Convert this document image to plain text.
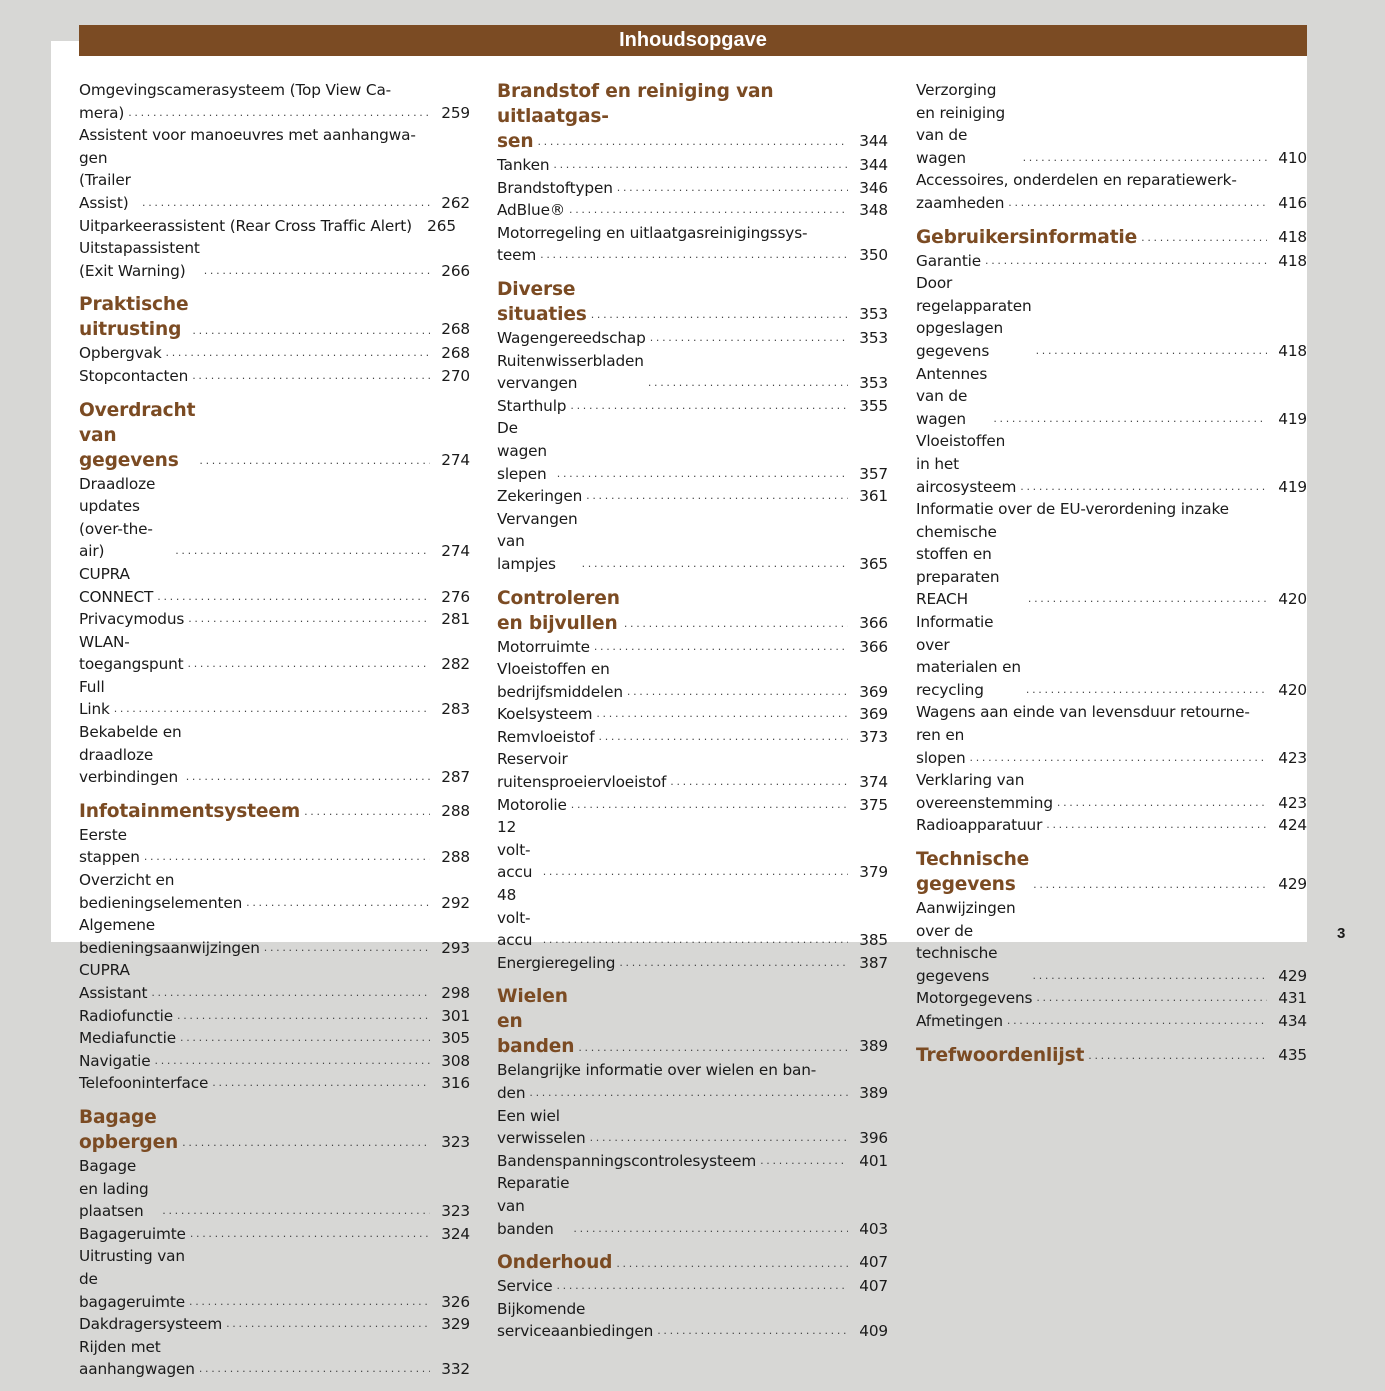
Inhoudsopgave
Omgevingscamerasysteem (Top View Ca-
mera) . . .	259
Assistent voor manoeuvres met aanhangwa-
gen (Trailer Assist) . . .	262
Uitparkeerassistent (Rear Cross Traffic Alert) 265
Uitstapassistent (Exit Warning) . . .	266
Praktische uitrusting . . .	268
Opbergvak . . .	268
Stopcontacten . . .	270
Overdracht van gegevens . . .	274
Draadloze updates (over-the-air) . . .	274
CUPRA CONNECT . . .	276
Privacymodus . . .	281
WLAN-toegangspunt . . .	282
Full Link . . .	283
Bekabelde en draadloze verbindingen . . .	287
Infotainmentsysteem . . .	288
Eerste stappen . . .	288
Overzicht en bedieningselementen . . .	292
Algemene bedieningsaanwijzingen . . .	293
CUPRA Assistant . . .	298
Radiofunctie . . .	301
Mediafunctie . . .	305
Navigatie . . .	308
Telefooninterface . . .	316
Bagage opbergen . . .	323
Bagage en lading plaatsen . . .	323
Bagageruimte . . .	324
Uitrusting van de bagageruimte . . .	326
Dakdragersysteem . . .	329
Rijden met aanhangwagen . . .	332
Brandstof en reiniging van uitlaatgas-
sen . . .	344
Tanken . . .	344
Brandstoftypen . . .	346
AdBlue® . . .	348
Motorregeling en uitlaatgasreinigingssys-
teem . . .	350
Diverse situaties . . .	353
Wagengereedschap . . .	353
Ruitenwisserbladen vervangen . . .	353
Starthulp . . .	355
De wagen slepen . . .	357
Zekeringen . . .	361
Vervangen van lampjes . . .	365
Controleren en bijvullen . . .	366
Motorruimte . . .	366
Vloeistoffen en bedrijfsmiddelen . . .	369
Koelsysteem . . .	369
Remvloeistof . . .	373
Reservoir ruitensproeiervloeistof . . .	374
Motorolie . . .	375
12 volt-accu . . .	379
48 volt-accu . . .	385
Energieregeling . . .	387
Wielen en banden . . .	389
Belangrijke informatie over wielen en ban-
den . . .	389
Een wiel verwisselen . . .	396
Bandenspanningscontrolesysteem . . .	401
Reparatie van banden . . .	403
Onderhoud . . .	407
Service . . .	407
Bijkomende serviceaanbiedingen . . .	409
Verzorging en reiniging van de wagen . . .	410
Accessoires, onderdelen en reparatiewerk-
zaamheden . . .	416
Gebruikersinformatie . . .	418
Garantie . . .	418
Door regelapparaten opgeslagen gegevens . . .	418
Antennes van de wagen . . .	419
Vloeistoffen in het aircosysteem . . .	419
Informatie over de EU-verordening inzake
chemische stoffen en preparaten REACH . . .	420
Informatie over materialen en recycling . . .	420
Wagens aan einde van levensduur retourne-
ren en slopen . . .	423
Verklaring van overeenstemming . . .	423
Radioapparatuur . . .	424
Technische gegevens . . .	429
Aanwijzingen over de technische gegevens . . .	429
Motorgegevens . . .	431
Afmetingen . . .	434
Trefwoordenlijst . . .	435
3
